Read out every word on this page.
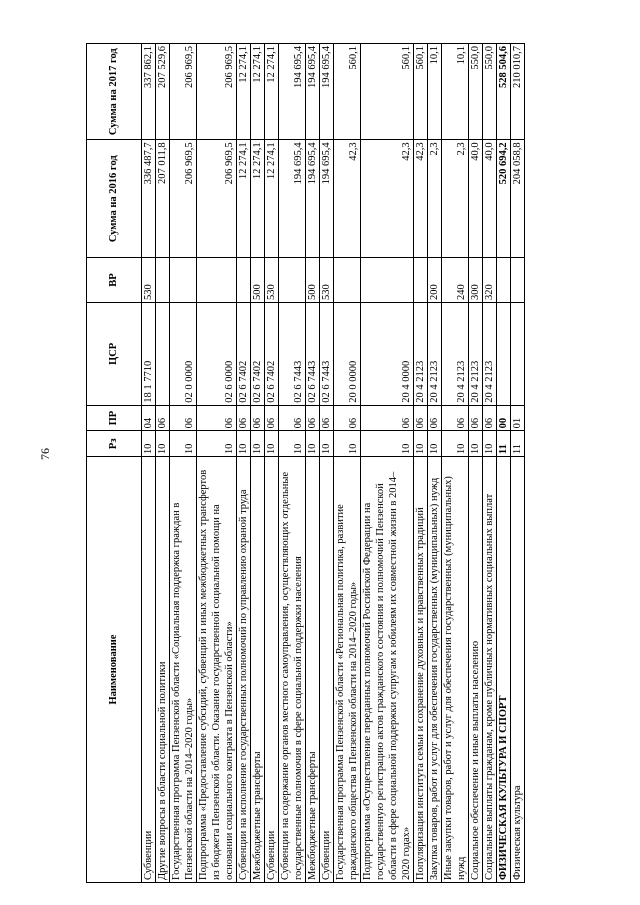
76
Наименование	Рз	ПР	ЦСР	ВР	Сумма на 2016 год	Сумма на 2017 год
Субвенции	10	04	18 1 7710	530	336 487,7	337 862,1
Другие вопросы в области социальной политики	10	06			207 011,8	207 529,6
Государственная программа Пензенской области «Социальная поддержка граждан в Пензенской области на 2014–2020 годы»	10	06	02 0 0000		206 969,5	206 969,5
Подпрограмма «Предоставление субсидий, субвенций и иных межбюджетных трансфертов из бюджета Пензенской области. Оказание государственной социальной помощи на основании социального контракта в Пензенской области»	10	06	02 6 0000		206 969,5	206 969,5
Субвенции на исполнение государственных полномочий по управлению охраной труда	10	06	02 6 7402		12 274,1	12 274,1
Межбюджетные трансферты	10	06	02 6 7402	500	12 274,1	12 274,1
Субвенции	10	06	02 6 7402	530	12 274,1	12 274,1
Субвенции на содержание органов местного самоуправления, осуществляющих отдельные государственные полномочия в сфере социальной поддержки населения	10	06	02 6 7443		194 695,4	194 695,4
Межбюджетные трансферты	10	06	02 6 7443	500	194 695,4	194 695,4
Субвенции	10	06	02 6 7443	530	194 695,4	194 695,4
Государственная программа Пензенской области «Региональная политика, развитие гражданского общества в Пензенской области на 2014–2020 годы»	10	06	20 0 0000		42,3	560,1
Подпрограмма «Осуществление переданных полномочий Российской Федерации на государственную регистрацию актов гражданского состояния и полномочий Пензенской области в сфере социальной поддержки супругам к юбилеям их совместной жизни в 2014–2020 годах»	10	06	20 4 0000		42,3	560,1
Популяризация института семьи и сохранение духовных и нравственных традиций	10	06	20 4 2123		42,3	560,1
Закупка товаров, работ и услуг для обеспечения государственных (муниципальных) нужд	10	06	20 4 2123	200	2,3	10,1
Иные закупки товаров, работ и услуг для обеспечения государственных (муниципальных) нужд	10	06	20 4 2123	240	2,3	10,1
Социальное обеспечение и иные выплаты населению	10	06	20 4 2123	300	40,0	550,0
Социальные выплаты гражданам, кроме публичных нормативных социальных выплат	10	06	20 4 2123	320	40,0	550,0
ФИЗИЧЕСКАЯ КУЛЬТУРА И СПОРТ	11	00			520 694,2	528 504,6
Физическая культура	11	01			204 058,8	210 010,7
